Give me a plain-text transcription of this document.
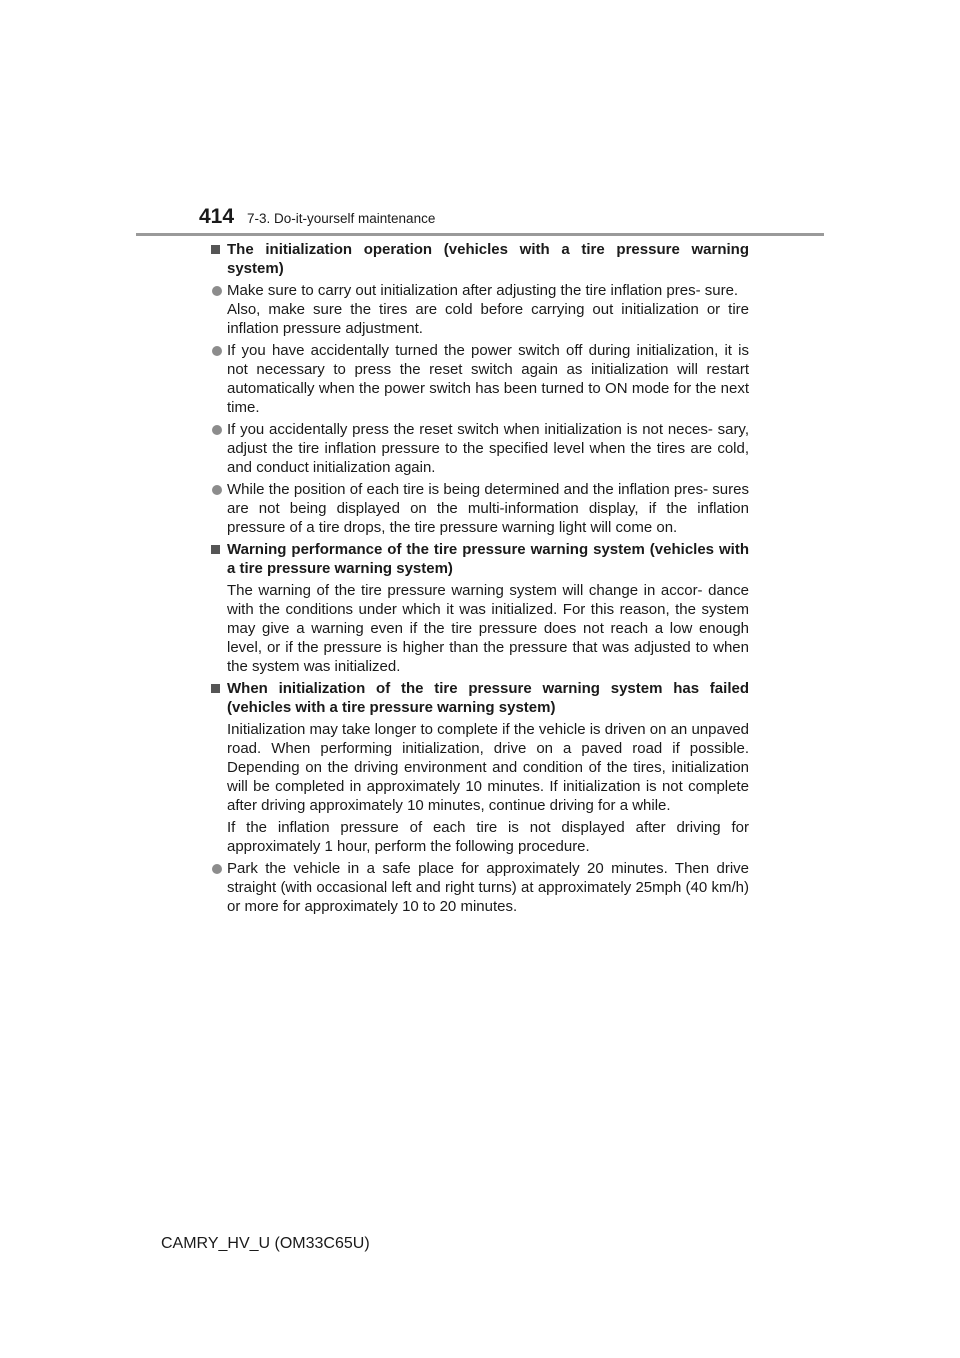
414 7-3. Do-it-yourself maintenance
The initialization operation (vehicles with a tire pressure warning system)
Make sure to carry out initialization after adjusting the tire inflation pres- sure.
Also, make sure the tires are cold before carrying out initialization or tire inflation pressure adjustment.
If you have accidentally turned the power switch off during initialization, it is not necessary to press the reset switch again as initialization will restart automatically when the power switch has been turned to ON mode for the next time.
If you accidentally press the reset switch when initialization is not neces- sary, adjust the tire inflation pressure to the specified level when the tires are cold, and conduct initialization again.
While the position of each tire is being determined and the inflation pres- sures are not being displayed on the multi-information display, if the inflation pressure of a tire drops, the tire pressure warning light will come on.
Warning performance of the tire pressure warning system (vehicles with a tire pressure warning system)
The warning of the tire pressure warning system will change in accor- dance with the conditions under which it was initialized. For this reason, the system may give a warning even if the tire pressure does not reach a low enough level, or if the pressure is higher than the pressure that was adjusted to when the system was initialized.
When initialization of the tire pressure warning system has failed (vehicles with a tire pressure warning system)
Initialization may take longer to complete if the vehicle is driven on an unpaved road. When performing initialization, drive on a paved road if possible. Depending on the driving environment and condition of the tires, initialization will be completed in approximately 10 minutes. If initialization is not complete after driving approximately 10 minutes, continue driving for a while.
If the inflation pressure of each tire is not displayed after driving for approximately 1 hour, perform the following procedure.
Park the vehicle in a safe place for approximately 20 minutes. Then drive straight (with occasional left and right turns) at approximately 25mph (40 km/h) or more for approximately 10 to 20 minutes.
CAMRY_HV_U (OM33C65U)
